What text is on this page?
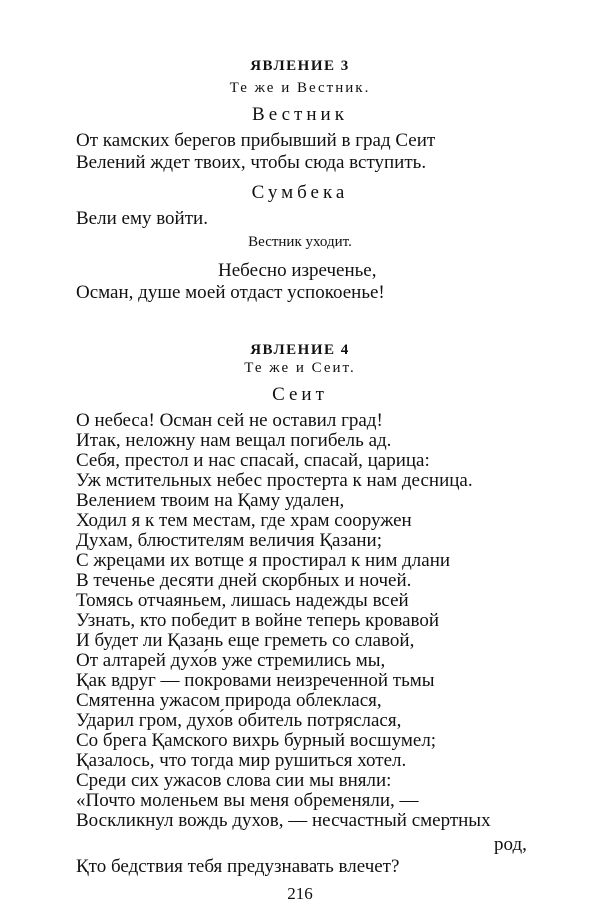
ЯВЛЕНИЕ 3
Те же и Вестник.
Вестник
От камских берегов прибывший в град Сеит
Велений ждет твоих, чтобы сюда вступить.
Сумбека
Вели ему войти.
Вестник уходит.
Небесно изреченье,
Осман, душе моей отдаст успокоенье!
ЯВЛЕНИЕ 4
Те же и Сеит.
Сеит
О небеса! Осман сей не оставил град!
Итак, неложну нам вещал погибель ад.
Себя, престол и нас спасай, спасай, царица:
Уж мстительных небес простерта к нам десница.
Велением твоим на Қаму удален,
Ходил я к тем местам, где храм сооружен
Духам, блюстителям величия Қазани;
С жрецами их вотще я простирал к ним длани
В теченье десяти дней скорбных и ночей.
Томясь отчаяньем, лишась надежды всей
Узнать, кто победит в войне теперь кровавой
И будет ли Қазань еще греметь со славой,
От алтарей духо́в уже стремились мы,
Қак вдруг — покровами неизреченной тьмы
Смятенна ужасом природа облеклася,
Ударил гром, духо́в обитель потряслася,
Со брега Қамского вихрь бурный восшумел;
Қазалось, что тогда мир рушиться хотел.
Среди сих ужасов слова сии мы вняли:
«Почто моленьем вы меня обременяли, —
Воскликнул вождь духов, — несчастный смертных
род,
Қто бедствия тебя предузнавать влечет?
216
